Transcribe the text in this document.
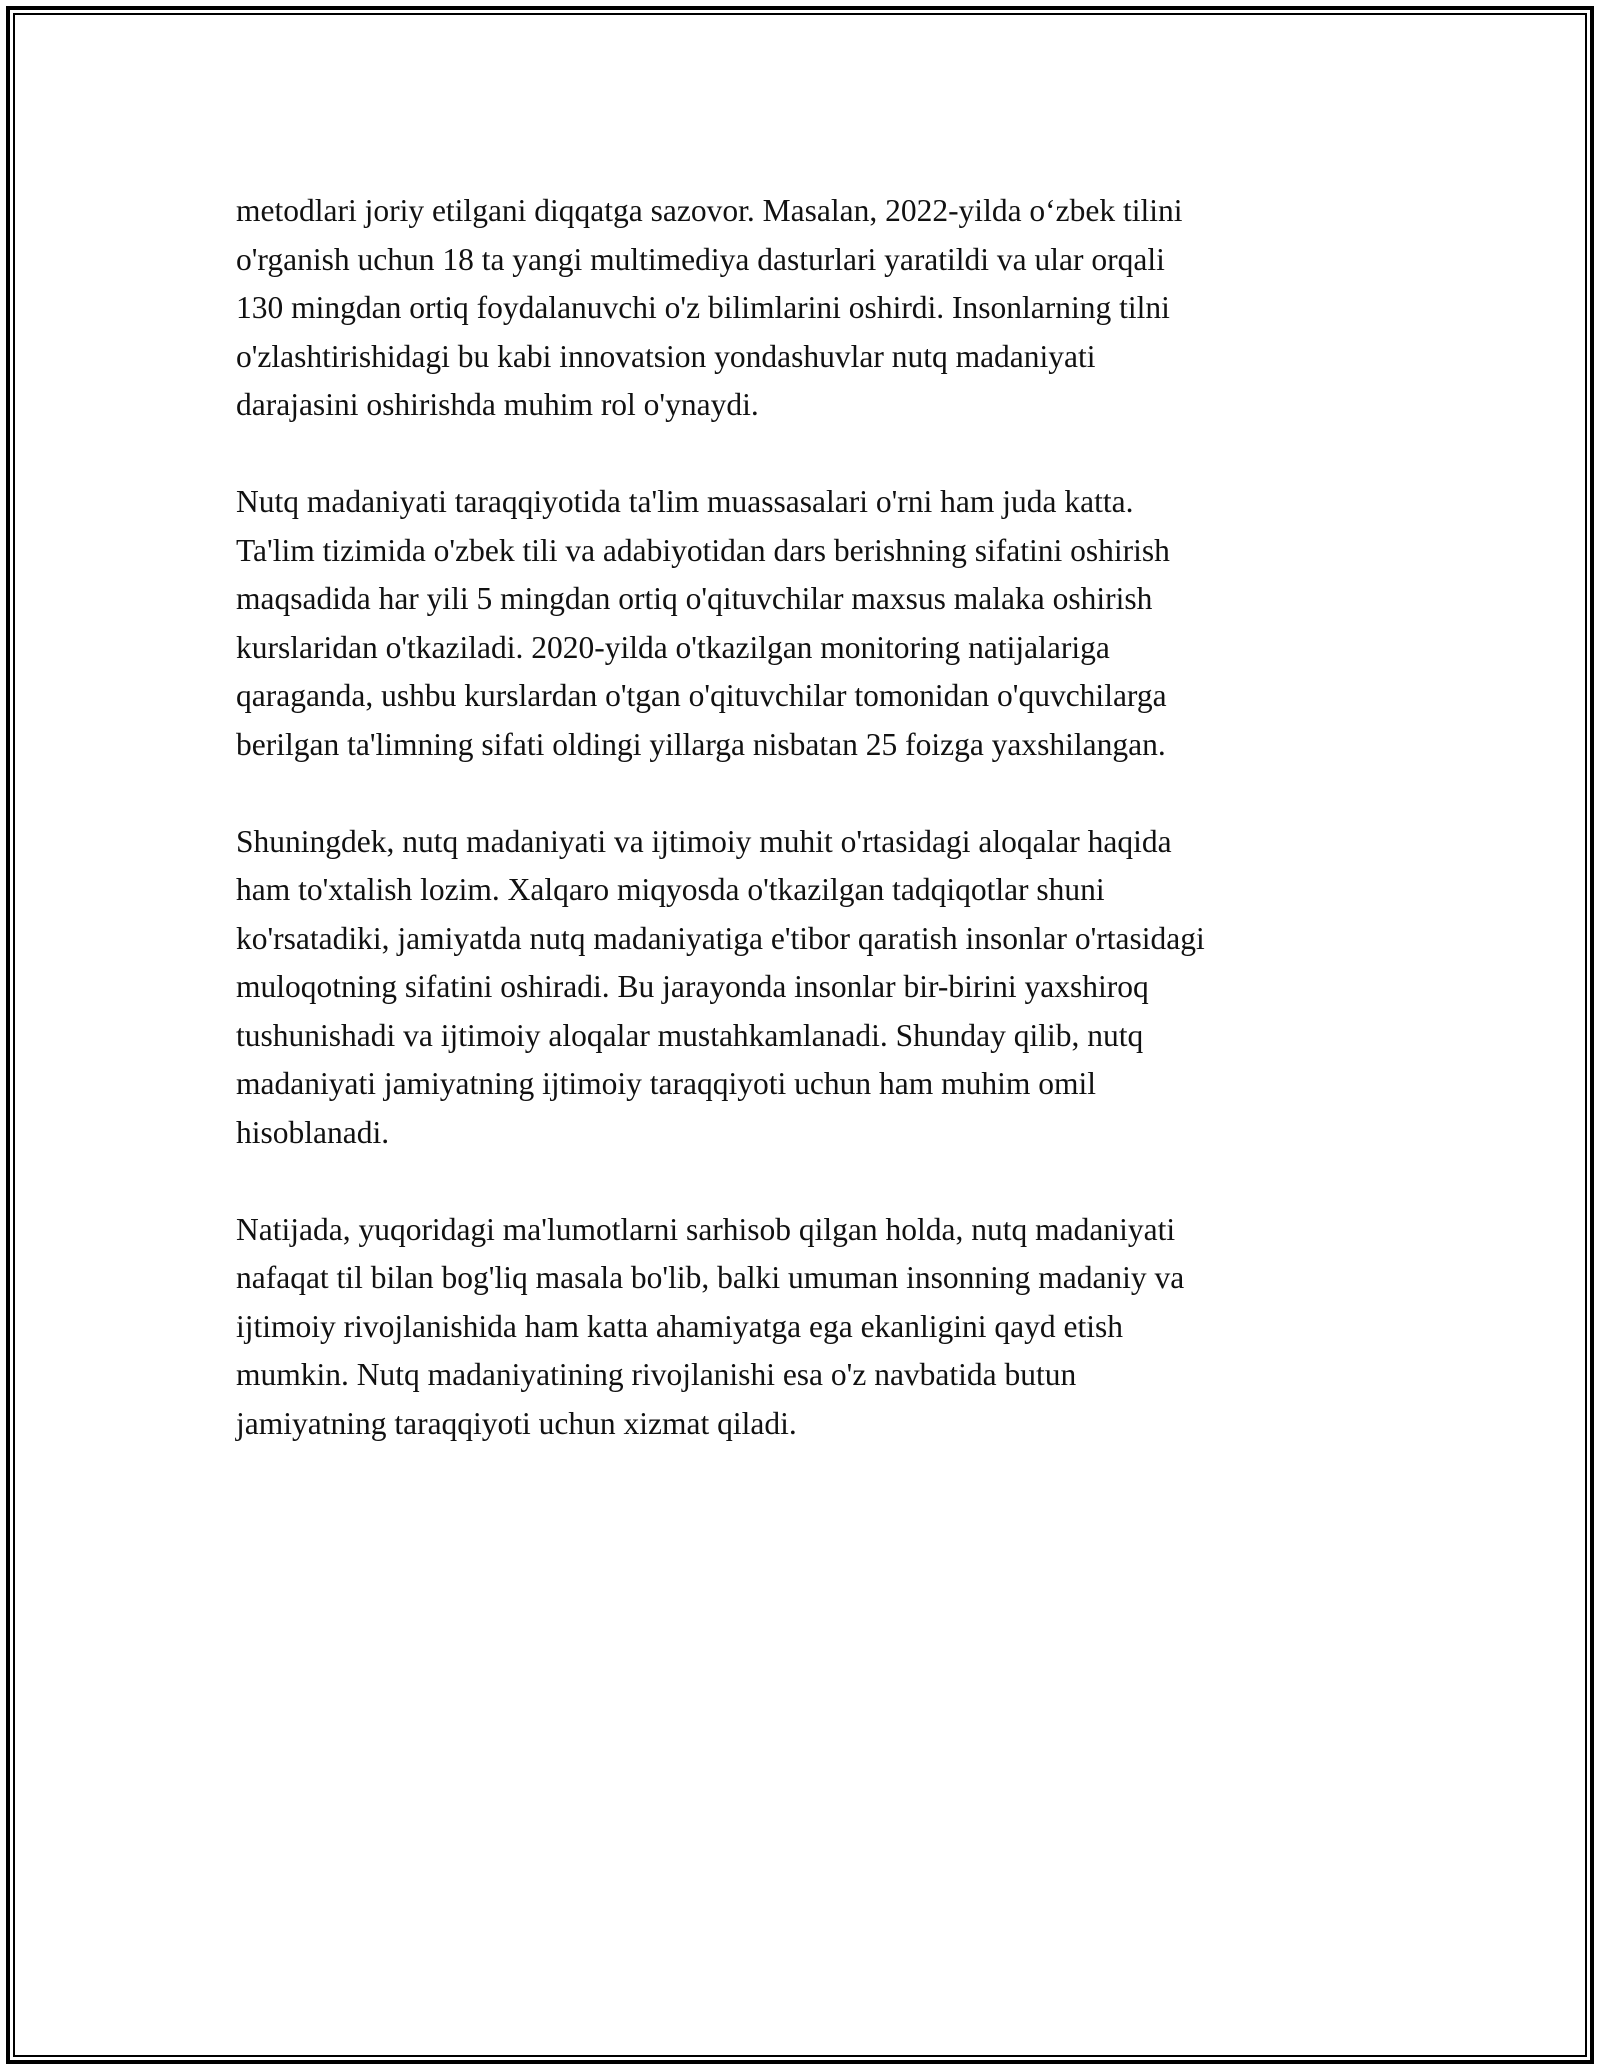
metodlari joriy etilgani diqqatga sazovor. Masalan, 2022-yilda o‘zbek tilini
o'rganish uchun 18 ta yangi multimediya dasturlari yaratildi va ular orqali
130 mingdan ortiq foydalanuvchi o'z bilimlarini oshirdi. Insonlarning tilni
o'zlashtirishidagi bu kabi innovatsion yondashuvlar nutq madaniyati
darajasini oshirishda muhim rol o'ynaydi.

Nutq madaniyati taraqqiyotida ta'lim muassasalari o'rni ham juda katta.
Ta'lim tizimida o'zbek tili va adabiyotidan dars berishning sifatini oshirish
maqsadida har yili 5 mingdan ortiq o'qituvchilar maxsus malaka oshirish
kurslaridan o'tkaziladi. 2020-yilda o'tkazilgan monitoring natijalariga
qaraganda, ushbu kurslardan o'tgan o'qituvchilar tomonidan o'quvchilarga
berilgan ta'limning sifati oldingi yillarga nisbatan 25 foizga yaxshilangan.

Shuningdek, nutq madaniyati va ijtimoiy muhit o'rtasidagi aloqalar haqida
ham to'xtalish lozim. Xalqaro miqyosda o'tkazilgan tadqiqotlar shuni
ko'rsatadiki, jamiyatda nutq madaniyatiga e'tibor qaratish insonlar o'rtasidagi
muloqotning sifatini oshiradi. Bu jarayonda insonlar bir-birini yaxshiroq
tushunishadi va ijtimoiy aloqalar mustahkamlanadi. Shunday qilib, nutq
madaniyati jamiyatning ijtimoiy taraqqiyoti uchun ham muhim omil
hisoblanadi.

Natijada, yuqoridagi ma'lumotlarni sarhisob qilgan holda, nutq madaniyati
nafaqat til bilan bog'liq masala bo'lib, balki umuman insonning madaniy va
ijtimoiy rivojlanishida ham katta ahamiyatga ega ekanligini qayd etish
mumkin. Nutq madaniyatining rivojlanishi esa o'z navbatida butun
jamiyatning taraqqiyoti uchun xizmat qiladi.
